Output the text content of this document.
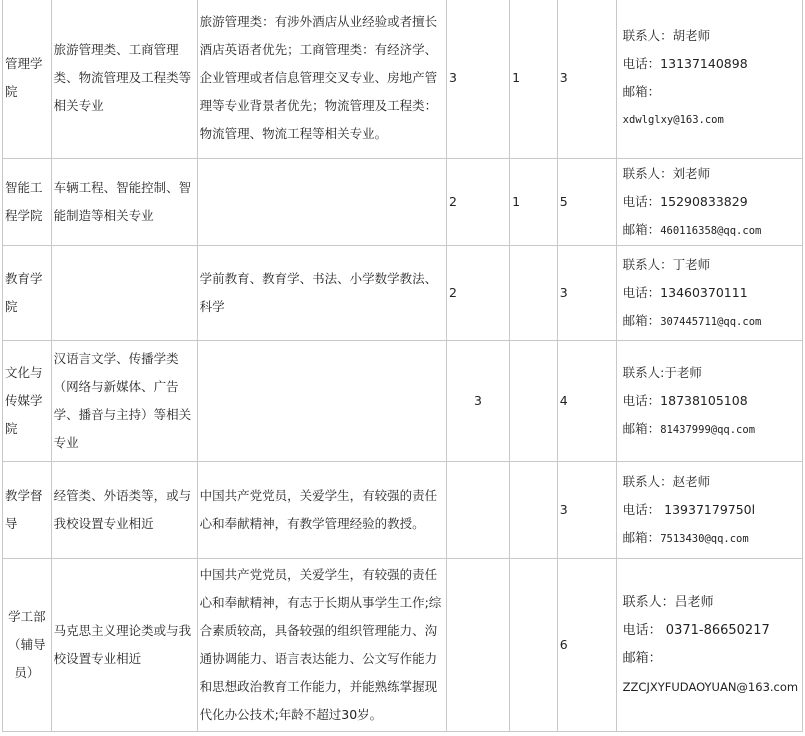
管理学院	旅游管理类、工商管理类、物流管理及工程类等相关专业	旅游管理类：有涉外酒店从业经验或者擅长酒店英语者优先；工商管理类：有经济学、企业管理或者信息管理交叉专业、房地产管理等专业背景者优先；物流管理及工程类：物流管理、物流工程等相关专业。	3	1	3	联系人：胡老师
电话：13137140898
邮箱：
xdwlglxy@163.com

智能工程学院	车辆工程、智能控制、智能制造等相关专业		2	1	5	联系人：刘老师
电话：15290833829
邮箱：460116358@qq.com

教育学院		学前教育、教育学、书法、小学数学教法、科学	2		3	联系人：丁老师
电话：13460370111
邮箱：307445711@qq.com

文化与传媒学院	汉语言文学、传播学类（网络与新媒体、广告学、播音与主持）等相关专业		3		4	联系人:于老师
电话：18738105108
邮箱：81437999@qq.com

教学督导	经管类、外语类等，或与我校设置专业相近	中国共产党党员，关爱学生，有较强的责任心和奉献精神，有教学管理经验的教授。			3	联系人：赵老师
电话： 13937179750l
邮箱：7513430@qq.com

学工部（辅导员）	马克思主义理论类或与我校设置专业相近	中国共产党党员，关爱学生，有较强的责任心和奉献精神，有志于长期从事学生工作;综合素质较高，具备较强的组织管理能力、沟通协调能力、语言表达能力、公文写作能力和思想政治教育工作能力，并能熟练掌握现代化办公技术;年龄不超过30岁。			6	联系人：吕老师
电话： 0371-86650217
邮箱：
ZZCJXYFUDAOYUAN@163.com
